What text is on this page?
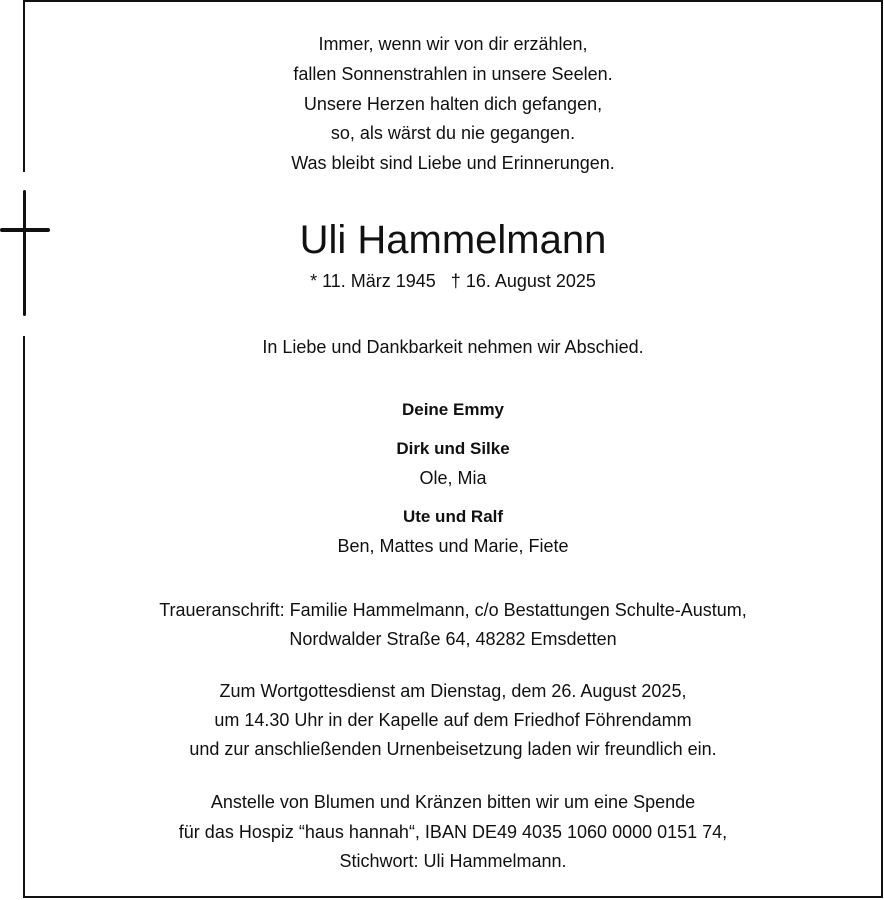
Immer, wenn wir von dir erzählen,
fallen Sonnenstrahlen in unsere Seelen.
Unsere Herzen halten dich gefangen,
so, als wärst du nie gegangen.
Was bleibt sind Liebe und Erinnerungen.
Uli Hammelmann
* 11. März 1945   † 16. August 2025
In Liebe und Dankbarkeit nehmen wir Abschied.
Deine Emmy
Dirk und Silke
Ole, Mia
Ute und Ralf
Ben, Mattes und Marie, Fiete
Traueranschrift: Familie Hammelmann, c/o Bestattungen Schulte-Austum,
Nordwalder Straße 64, 48282 Emsdetten
Zum Wortgottesdienst am Dienstag, dem 26. August 2025,
um 14.30 Uhr in der Kapelle auf dem Friedhof Föhrendamm
und zur anschließenden Urnenbeisetzung laden wir freundlich ein.
Anstelle von Blumen und Kränzen bitten wir um eine Spende
für das Hospiz “haus hannah“, IBAN DE49 4035 1060 0000 0151 74,
Stichwort: Uli Hammelmann.
